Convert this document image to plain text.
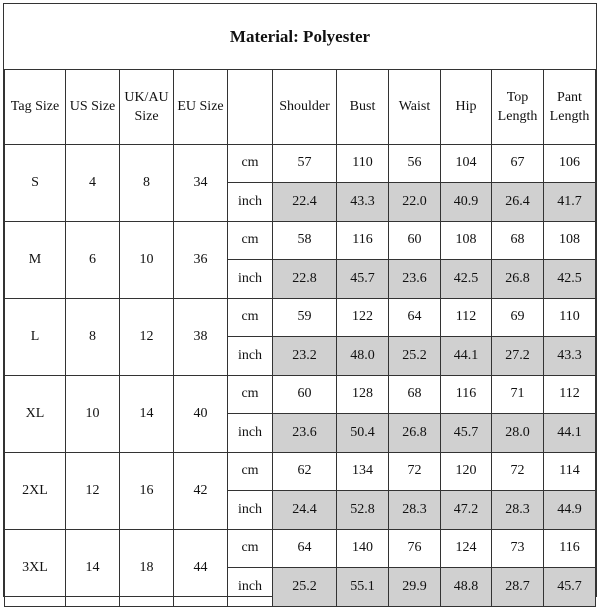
Material: Polyester
Tag Size	US Size	UK/AU Size	EU Size		Shoulder	Bust	Waist	Hip	Top Length	Pant Length
S	4	8	34	cm	57	110	56	104	67	106
				inch	22.4	43.3	22.0	40.9	26.4	41.7
M	6	10	36	cm	58	116	60	108	68	108
				inch	22.8	45.7	23.6	42.5	26.8	42.5
L	8	12	38	cm	59	122	64	112	69	110
				inch	23.2	48.0	25.2	44.1	27.2	43.3
XL	10	14	40	cm	60	128	68	116	71	112
				inch	23.6	50.4	26.8	45.7	28.0	44.1
2XL	12	16	42	cm	62	134	72	120	72	114
				inch	24.4	52.8	28.3	47.2	28.3	44.9
3XL	14	18	44	cm	64	140	76	124	73	116
				inch	25.2	55.1	29.9	48.8	28.7	45.7
